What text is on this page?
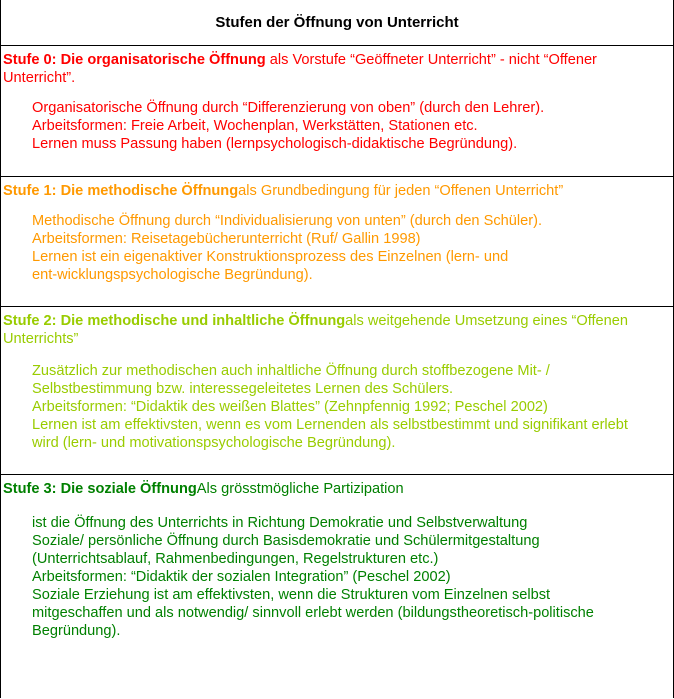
Stufen der Öffnung von Unterricht
Stufe 0: Die organisatorische Öffnung als Vorstufe “Geöffneter Unterricht” - nicht “Offener Unterricht”.
Organisatorische Öffnung durch “Differenzierung von oben” (durch den Lehrer).
Arbeitsformen: Freie Arbeit, Wochenplan, Werkstätten, Stationen etc.
Lernen muss Passung haben (lernpsychologisch-didaktische Begründung).
Stufe 1: Die methodische Öffnungals Grundbedingung für jeden “Offenen Unterricht”
Methodische Öffnung durch “Individualisierung von unten” (durch den Schüler).
Arbeitsformen: Reisetagebücherunterricht (Ruf/ Gallin 1998)
Lernen ist ein eigenaktiver Konstruktionsprozess des Einzelnen (lern- und
ent-wicklungspsychologische Begründung).
Stufe 2: Die methodische und inhaltliche Öffnungals weitgehende Umsetzung eines “Offenen Unterrichts”
Zusätzlich zur methodischen auch inhaltliche Öffnung durch stoffbezogene Mit- /
Selbstbestimmung bzw. interessegeleitetes Lernen des Schülers.
Arbeitsformen: “Didaktik des weißen Blattes” (Zehnpfennig 1992; Peschel 2002)
Lernen ist am effektivsten, wenn es vom Lernenden als selbstbestimmt und signifikant erlebt
wird (lern- und motivationspsychologische Begründung).
Stufe 3: Die soziale ÖffnungAls grösstmögliche Partizipation
ist die Öffnung des Unterrichts in Richtung Demokratie und Selbstverwaltung
Soziale/ persönliche Öffnung durch Basisdemokratie und Schülermitgestaltung
(Unterrichtsablauf, Rahmenbedingungen, Regelstrukturen etc.)
Arbeitsformen: “Didaktik der sozialen Integration” (Peschel 2002)
Soziale Erziehung ist am effektivsten, wenn die Strukturen vom Einzelnen selbst
mitgeschaffen und als notwendig/ sinnvoll erlebt werden (bildungstheoretisch-politische
Begründung).
